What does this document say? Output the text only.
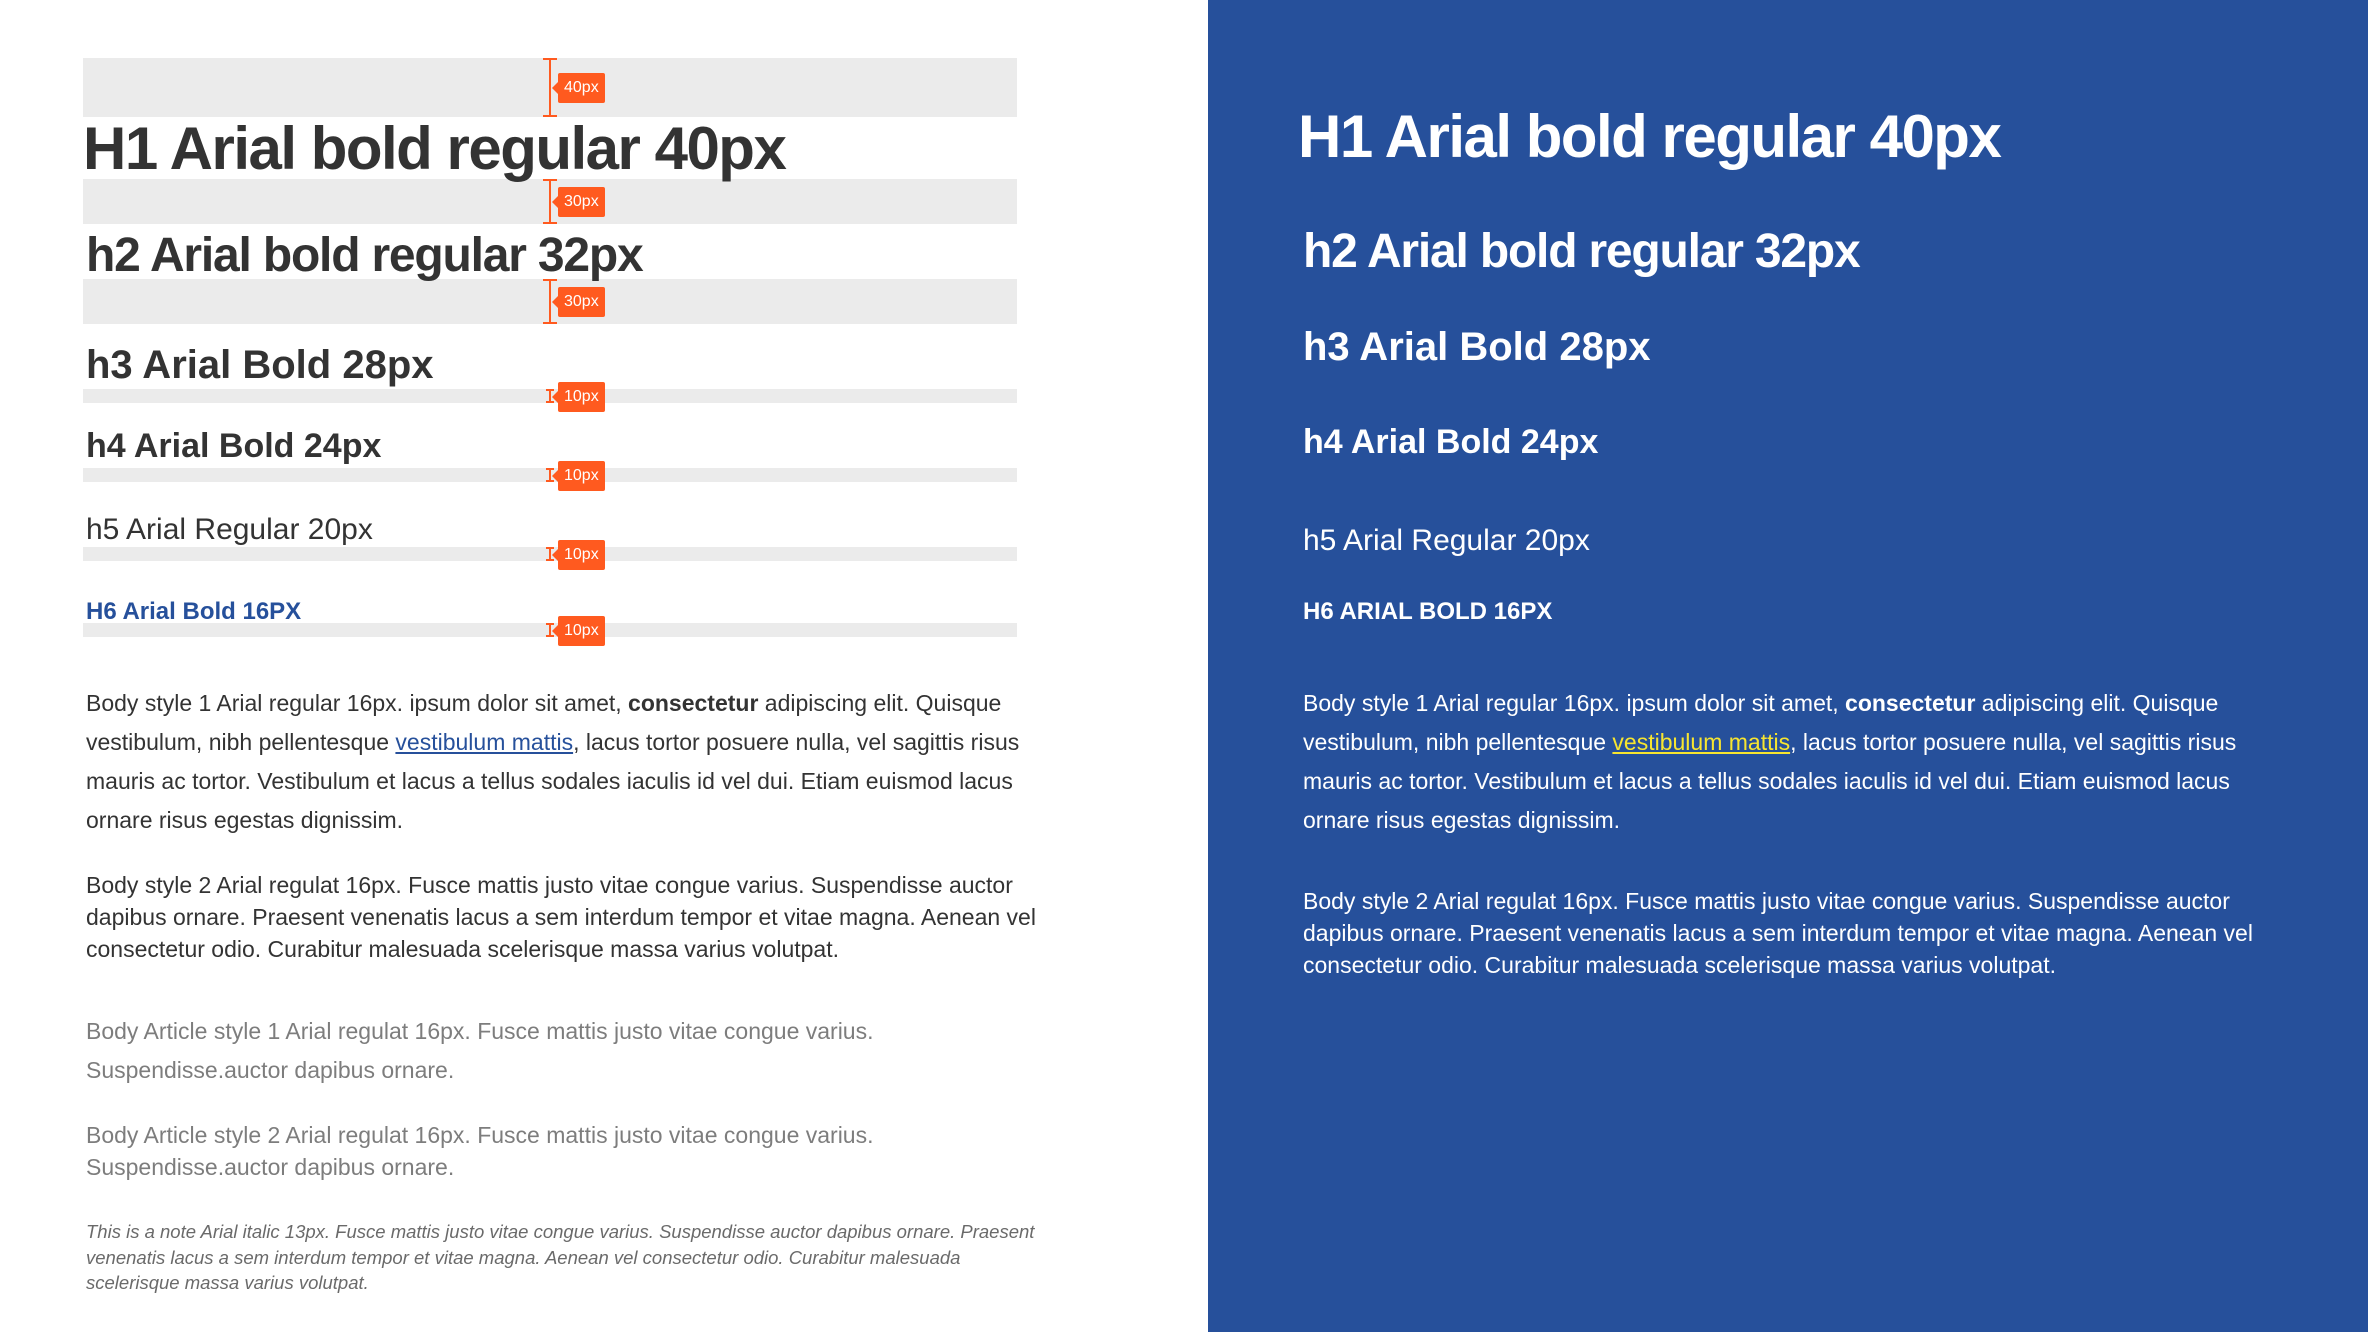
40px
30px
30px
10px
10px
10px
10px
H1 Arial bold regular 40px
h2 Arial bold regular 32px
h3 Arial Bold 28px
h4 Arial Bold 24px
h5 Arial Regular 20px
H6 Arial Bold 16PX

Body style 1 Arial regular 16px. ipsum dolor sit amet, consectetur adipiscing elit. Quisque vestibulum, nibh pellentesque vestibulum mattis, lacus tortor posuere nulla, vel sagittis risus mauris ac tortor. Vestibulum et lacus a tellus sodales iaculis id vel dui. Etiam euismod lacus ornare risus egestas dignissim.

Body style 2 Arial regulat 16px. Fusce mattis justo vitae congue varius. Suspendisse auctor dapibus ornare. Praesent venenatis lacus a sem interdum tempor et vitae magna. Aenean vel consectetur odio. Curabitur malesuada scelerisque massa varius volutpat.

Body Article style 1 Arial regulat 16px. Fusce mattis justo vitae congue varius. Suspendisse.auctor dapibus ornare.

Body Article style 2 Arial regulat 16px. Fusce mattis justo vitae congue varius. Suspendisse.auctor dapibus ornare.

This is a note Arial italic 13px. Fusce mattis justo vitae congue varius. Suspendisse auctor dapibus ornare. Praesent venenatis lacus a sem interdum tempor et vitae magna. Aenean vel consectetur odio. Curabitur malesuada scelerisque massa varius volutpat.

H1 Arial bold regular 40px
h2 Arial bold regular 32px
h3 Arial Bold 28px
h4 Arial Bold 24px
h5 Arial Regular 20px
H6 ARIAL BOLD 16PX

Body style 1 Arial regular 16px. ipsum dolor sit amet, consectetur adipiscing elit. Quisque vestibulum, nibh pellentesque vestibulum mattis, lacus tortor posuere nulla, vel sagittis risus mauris ac tortor. Vestibulum et lacus a tellus sodales iaculis id vel dui. Etiam euismod lacus ornare risus egestas dignissim.

Body style 2 Arial regulat 16px. Fusce mattis justo vitae congue varius. Suspendisse auctor dapibus ornare. Praesent venenatis lacus a sem interdum tempor et vitae magna. Aenean vel consectetur odio. Curabitur malesuada scelerisque massa varius volutpat.
